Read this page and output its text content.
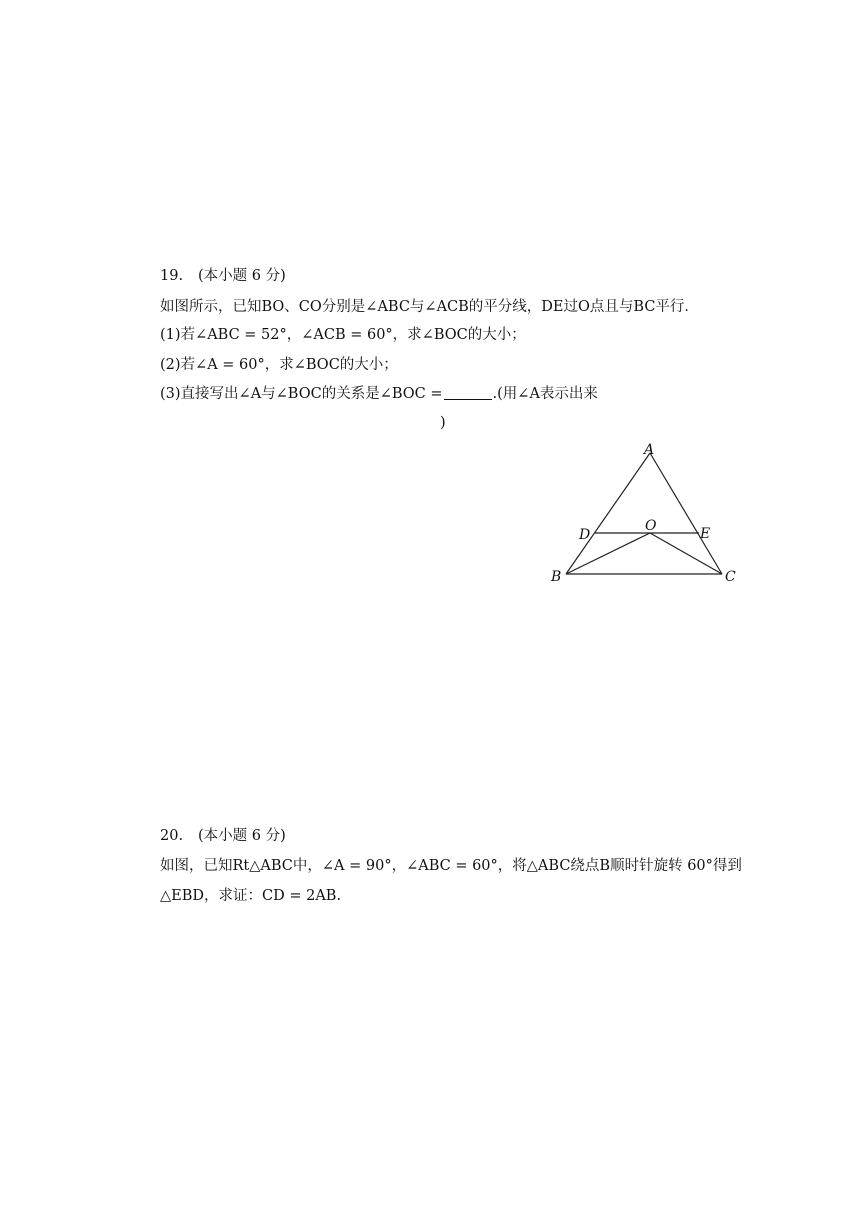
19. (本小题 6 分)
如图所示，已知BO、CO分别是∠ABC与∠ACB的平分线，DE过O点且与BC平行．
(1)若∠ABC = 52°，∠ACB = 60°，求∠BOC的大小；
(2)若∠A = 60°，求∠BOC的大小；
(3)直接写出∠A与∠BOC的关系是∠BOC =	.(用∠A表示出来
)
A
D
O	E
B	C
20. (本小题 6 分)
如图，已知Rt△ABC中，∠A = 90°，∠ABC = 60°，将△ABC绕点B顺时针旋转 60°得到
△EBD，求证：CD = 2AB.
